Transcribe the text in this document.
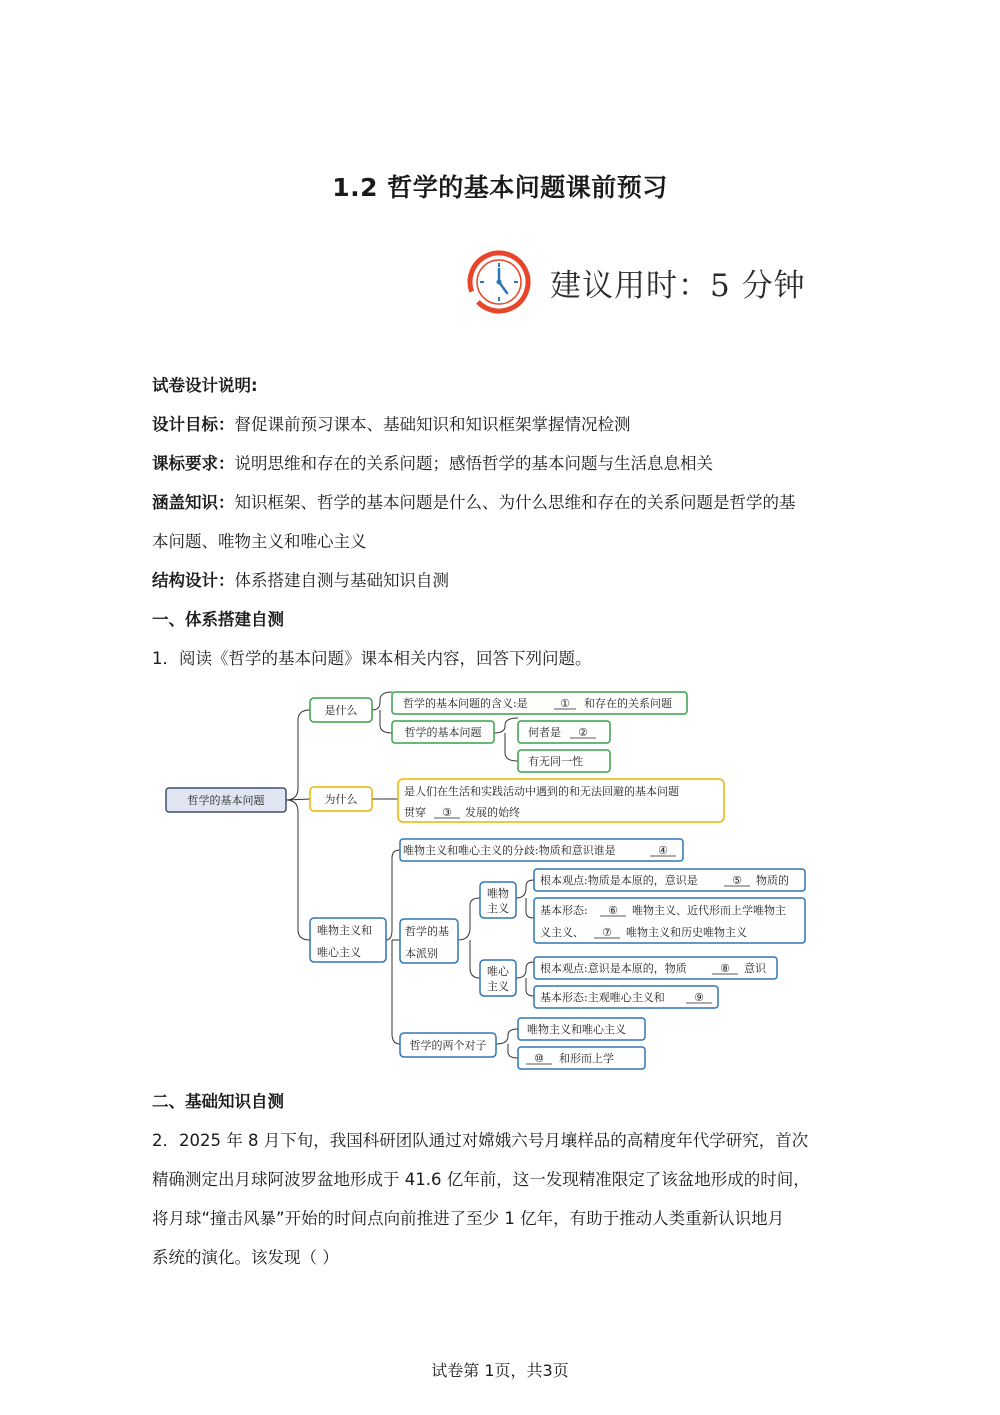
1.2 哲学的基本问题课前预习
建议用时：5 分钟
试卷设计说明:
设计目标：督促课前预习课本、基础知识和知识框架掌握情况检测
课标要求：说明思维和存在的关系问题；感悟哲学的基本问题与生活息息相关
涵盖知识：知识框架、哲学的基本问题是什么、为什么思维和存在的关系问题是哲学的基
本问题、唯物主义和唯心主义
结构设计：体系搭建自测与基础知识自测
一、体系搭建自测
1．阅读《哲学的基本问题》课本相关内容，回答下列问题。
哲学的基本问题
是什么
哲学的基本问题的含义:是	① 和存在的关系问题
哲学的基本问题	何者是 ②
有无同一性
为什么
是人们在生活和实践活动中遇到的和无法回避的基本问题
贯穿 ③ 发展的始终
唯物主义和
唯心主义
唯物主义和唯心主义的分歧:物质和意识谁是	④
哲学的基
本派别
唯物
主义
根本观点:物质是本原的，意识是	⑤ 物质的
基本形态: ⑥ 唯物主义、近代形而上学唯物主
义主义、 ⑦ 唯物主义和历史唯物主义
唯心
主义
根本观点:意识是本原的，物质	⑧ 意识
基本形态:主观唯心主义和	⑨
哲学的两个对子
唯物主义和唯心主义
⑩ 和形而上学
二、基础知识自测
2．2025 年 8 月下旬，我国科研团队通过对嫦娥六号月壤样品的高精度年代学研究，首次
精确测定出月球阿波罗盆地形成于 41.6 亿年前，这一发现精准限定了该盆地形成的时间，
将月球“撞击风暴”开始的时间点向前推进了至少 1 亿年，有助于推动人类重新认识地月
系统的演化。该发现（ ）
试卷第 1页，共3页
